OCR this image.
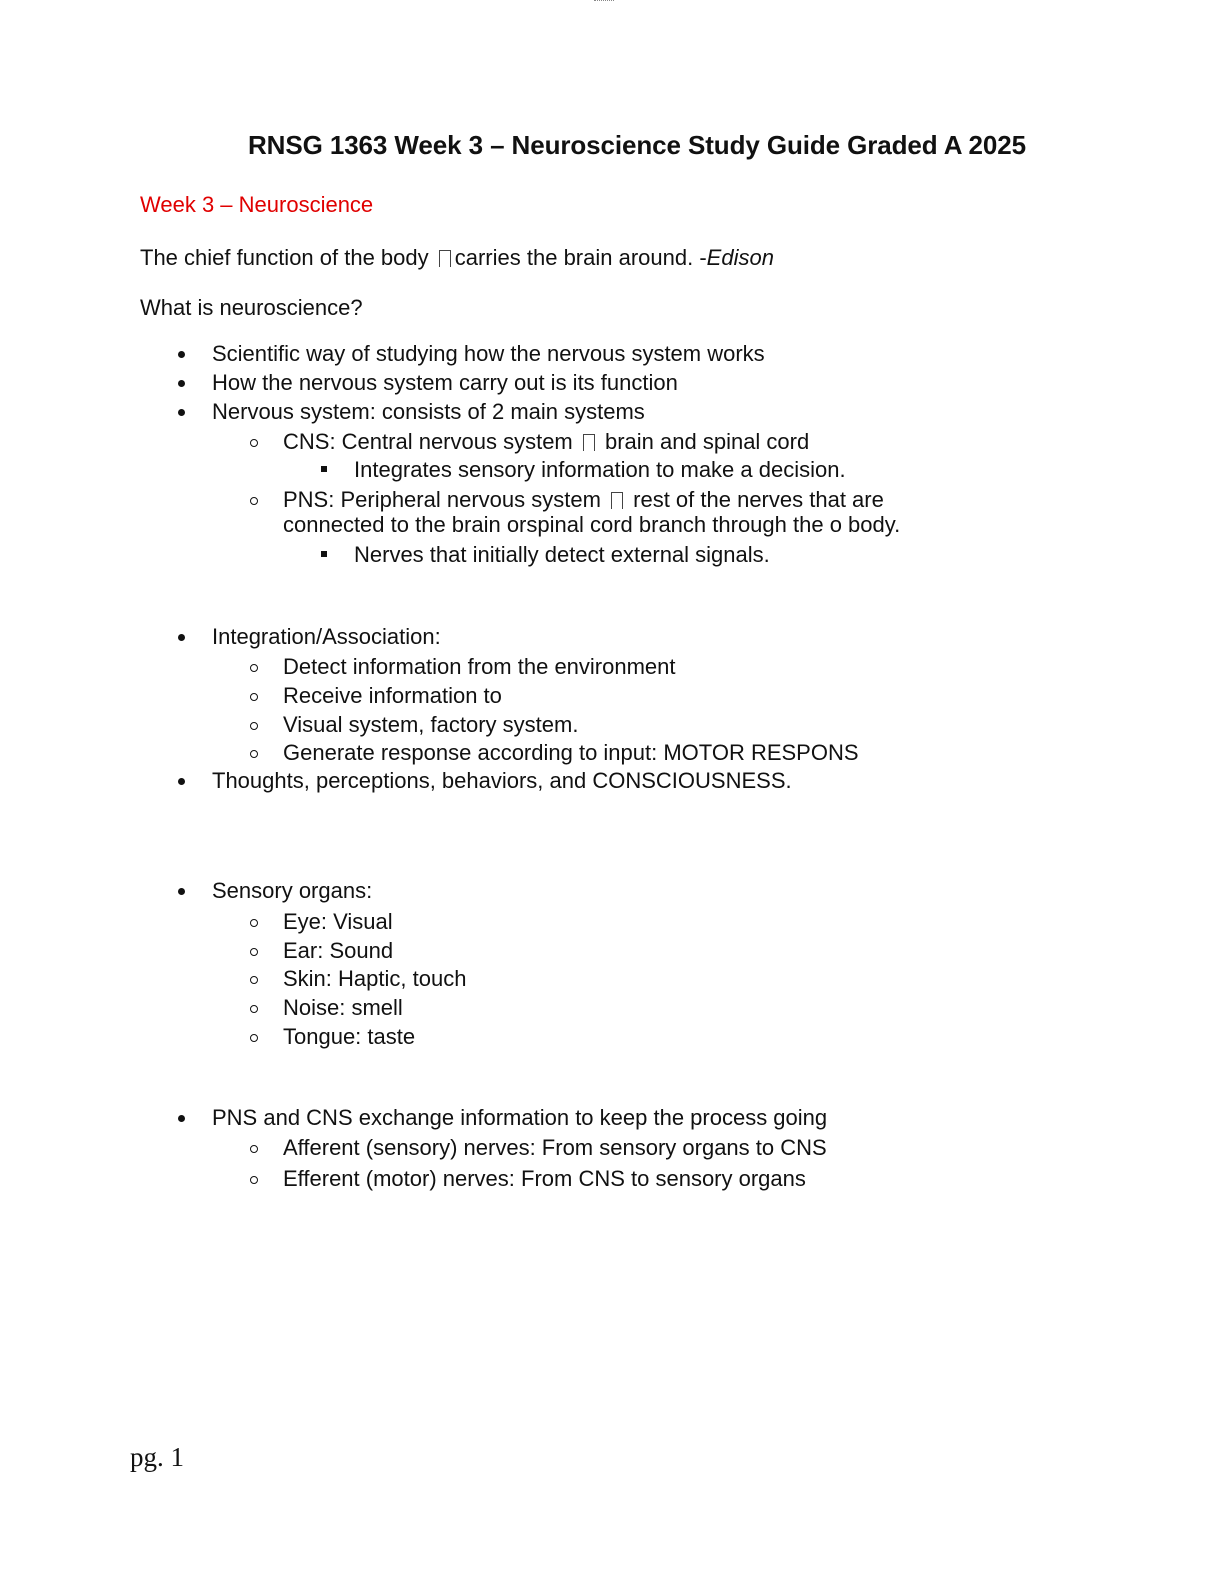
RNSG 1363 Week 3 – Neuroscience Study Guide Graded A 2025
Week 3 – Neuroscience

The chief function of the body carries the brain around. -Edison

What is neuroscience?

Scientific way of studying how the nervous system works
How the nervous system carry out is its function
Nervous system: consists of 2 main systems
CNS: Central nervous system  brain and spinal cord
Integrates sensory information to make a decision.
PNS: Peripheral nervous system  rest of the nerves that are
connected to the brain orspinal cord branch through the o body.
Nerves that initially detect external signals.
Integration/Association:
Detect information from the environment
Receive information to
Visual system, factory system.
Generate response according to input: MOTOR RESPONS
Thoughts, perceptions, behaviors, and CONSCIOUSNESS.
Sensory organs:
Eye: Visual
Ear: Sound
Skin: Haptic, touch
Noise: smell
Tongue: taste
PNS and CNS exchange information to keep the process going
Afferent (sensory) nerves: From sensory organs to CNS
Efferent (motor) nerves: From CNS to sensory organs

pg. 1
